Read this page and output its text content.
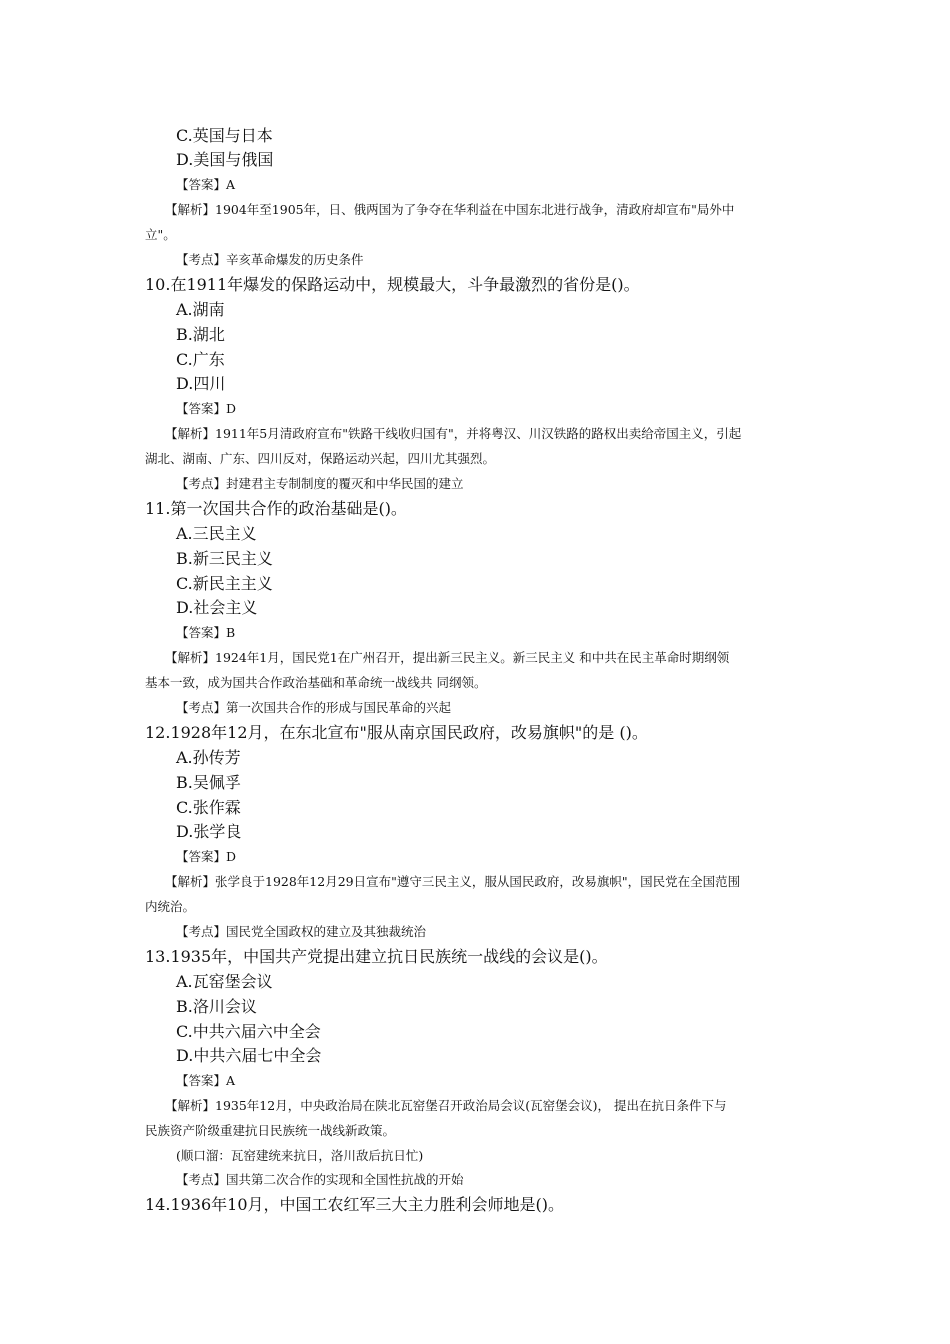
C.英国与日本
D.美国与俄国
【答案】A
【解析】1904年至1905年，日、俄两国为了争夺在华利益在中国东北进行战争，清政府却宣布"局外中
立"。
【考点】辛亥革命爆发的历史条件
10.在1911年爆发的保路运动中，规模最大，斗争最激烈的省份是()。
A.湖南
B.湖北
C.广东
D.四川
【答案】D
【解析】1911年5月清政府宣布"铁路干线收归国有"，并将粤汉、川汉铁路的路权出卖给帝国主义，引起
湖北、湖南、广东、四川反对，保路运动兴起，四川尤其强烈。
【考点】封建君主专制制度的覆灭和中华民国的建立
11.第一次国共合作的政治基础是()。
A.三民主义
B.新三民主义
C.新民主主义
D.社会主义
【答案】B
【解析】1924年1月，国民党1在广州召开，提出新三民主义。新三民主义 和中共在民主革命时期纲领
基本一致，成为国共合作政治基础和革命统一战线共 同纲领。
【考点】第一次国共合作的形成与国民革命的兴起
12.1928年12月，在东北宣布"服从南京国民政府，改易旗帜"的是 ()。
A.孙传芳
B.吴佩孚
C.张作霖
D.张学良
【答案】D
【解析】张学良于1928年12月29日宣布"遵守三民主义，服从国民政府，改易旗帜"，国民党在全国范围
内统治。
【考点】国民党全国政权的建立及其独裁统治
13.1935年，中国共产党提出建立抗日民族统一战线的会议是()。
A.瓦窑堡会议
B.洛川会议
C.中共六届六中全会
D.中共六届七中全会
【答案】A
【解析】1935年12月，中央政治局在陕北瓦窑堡召开政治局会议(瓦窑堡会议)， 提出在抗日条件下与
民族资产阶级重建抗日民族统一战线新政策。
(顺口溜：瓦窑建统来抗日，洛川敌后抗日忙)
【考点】国共第二次合作的实现和全国性抗战的开始
14.1936年10月，中国工农红军三大主力胜利会师地是()。
